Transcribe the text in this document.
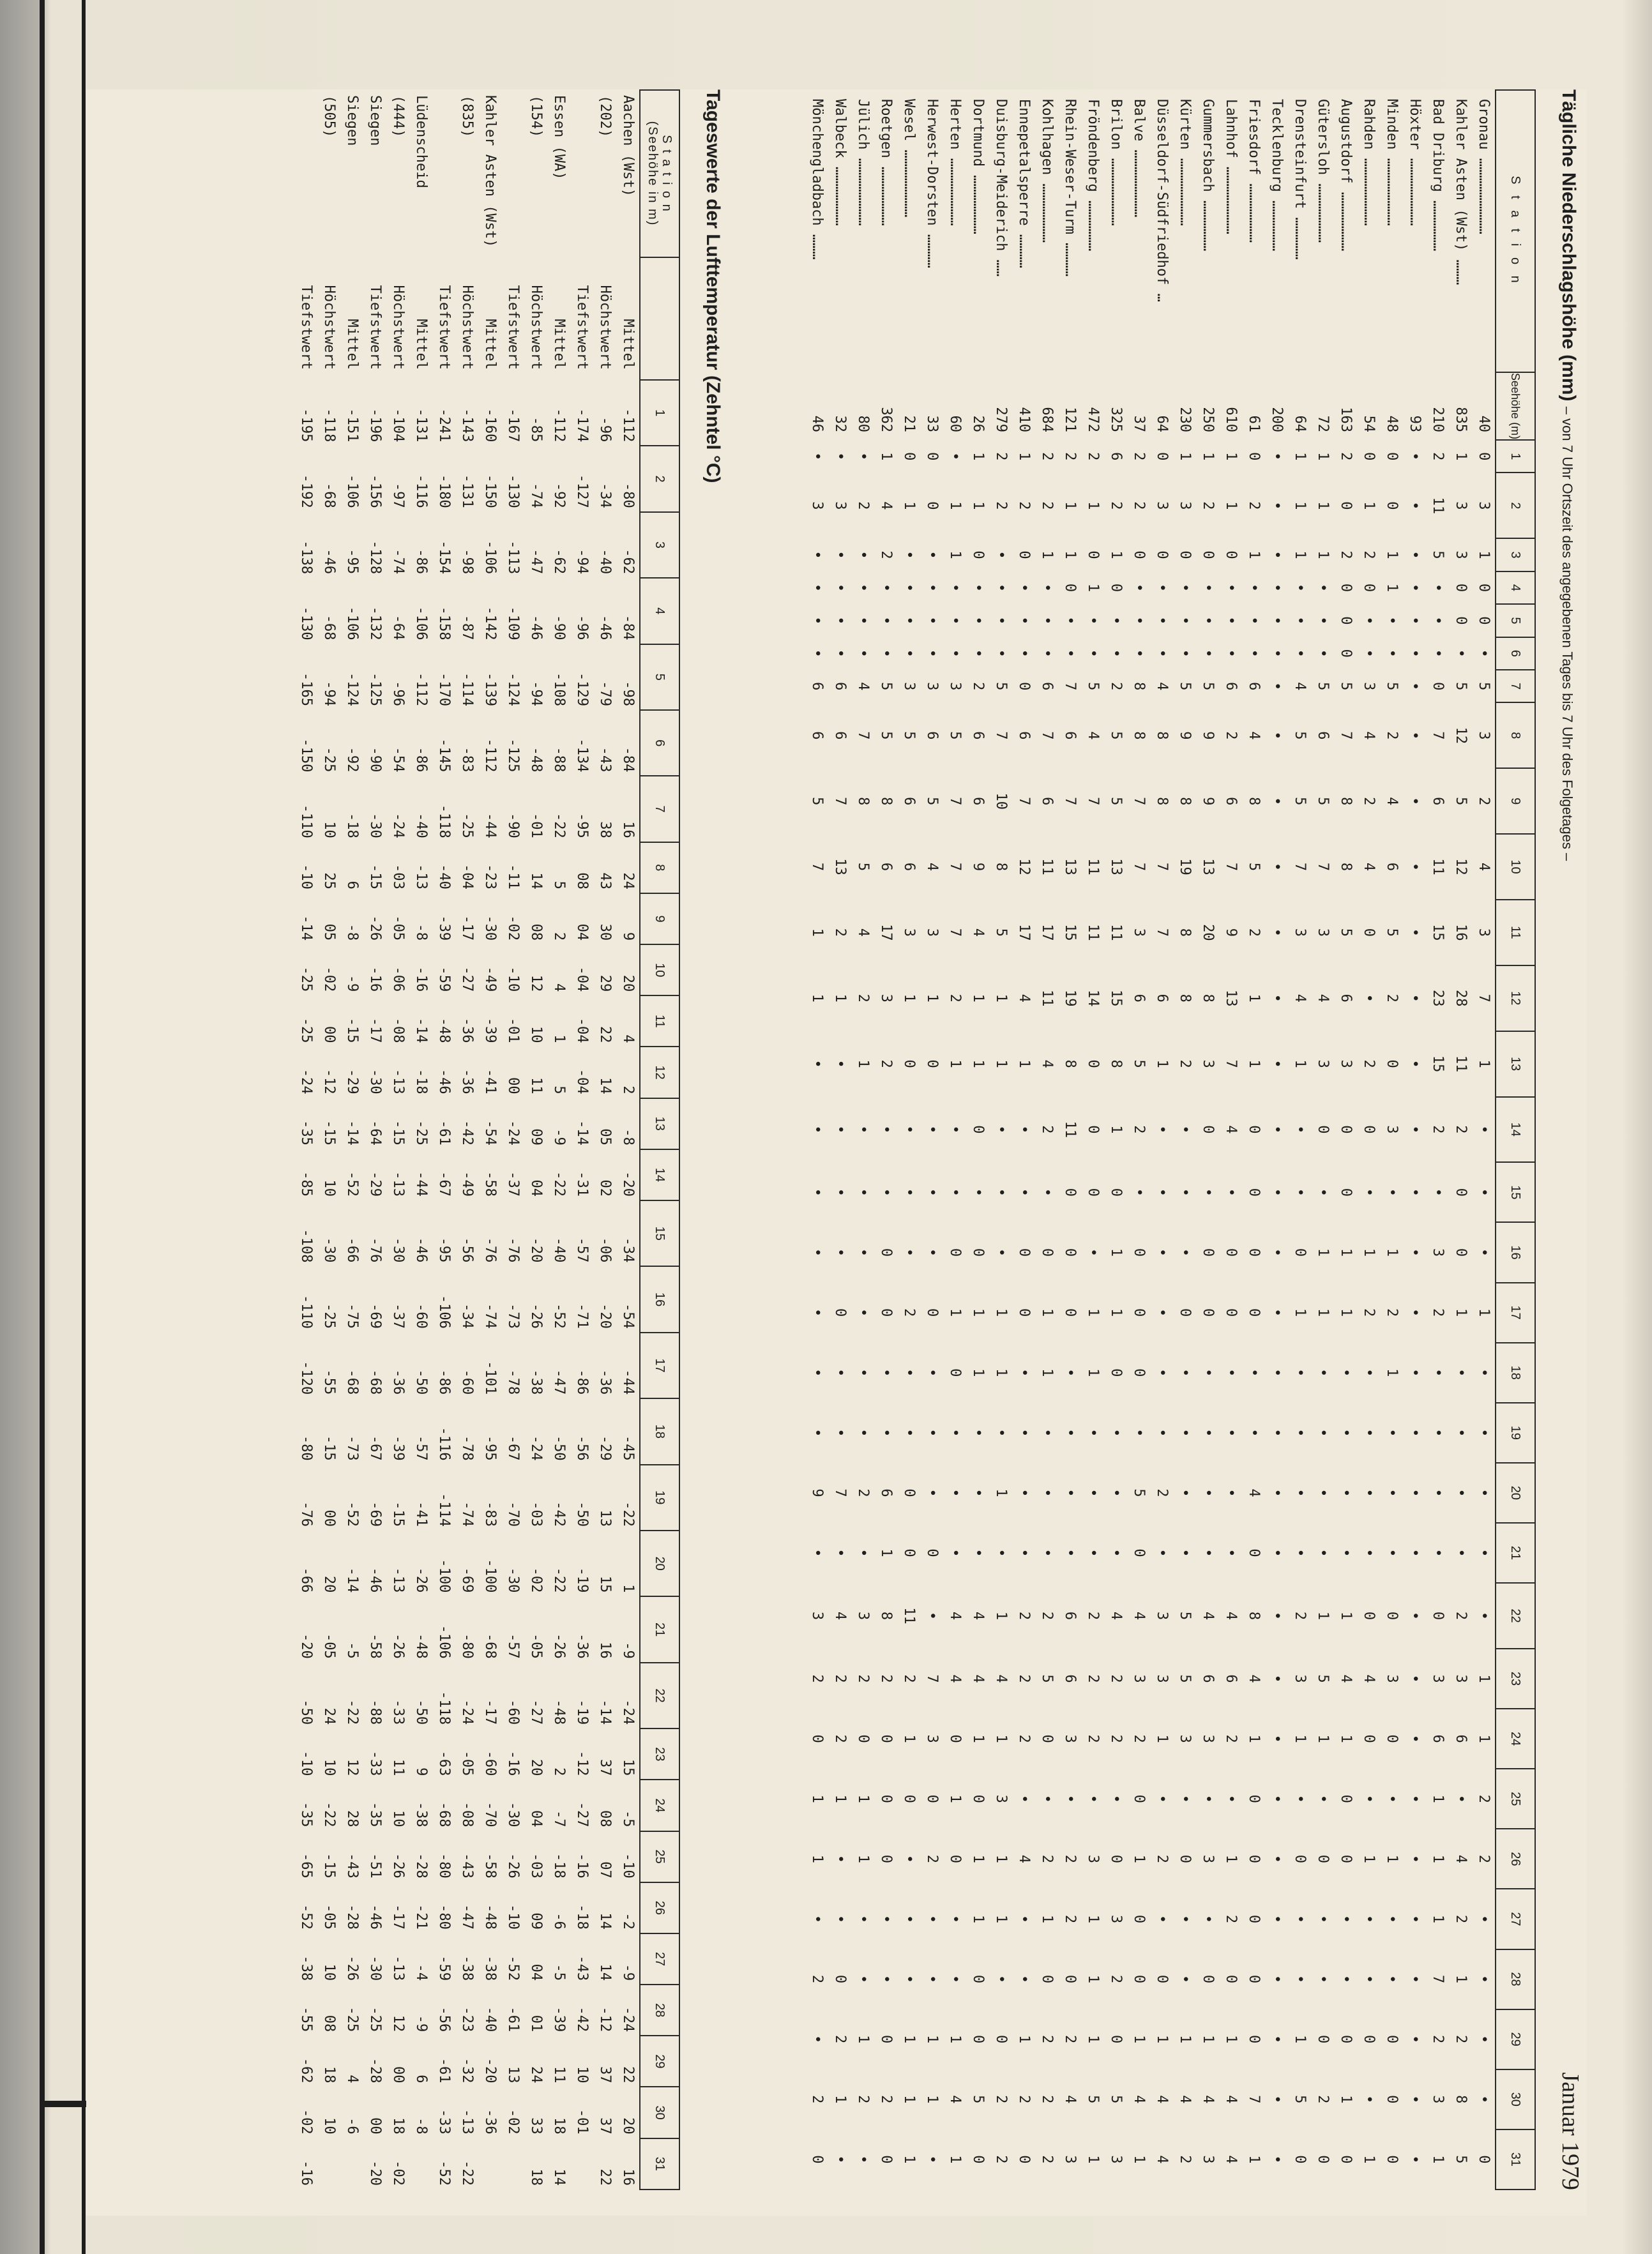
Tägliche Niederschlagshöhe (mm) – von 7 Uhr Ortszeit des angegebenen Tages bis 7 Uhr des Folgetages –
Januar 1979
S t a t i o n	Seehöhe (m)	1	2	3	4	5	6	7	8	9	10	11	12	13	14	15	16	17	18	19	20	21	22	23	24	25	26	27	28	29	30	31
Gronau ………………………	40	0	3	1	0	0	•	5	3	2	4	3	7	1	•	•	•	1	•	•	•	•	•	1	1	2	2	•	•	•	•	0
Kahler Asten (Wst) ………	835	1	3	3	0	0	•	5	12	5	12	16	28	11	2	0	0	1	•	•	•	•	2	3	6	•	4	2	1	2	8	5
Bad Driburg ………………	210	2	11	5	•	•	•	0	7	6	11	15	23	15	2	•	3	2	•	•	•	•	0	3	6	1	1	1	7	2	3	1
Höxter ……………………	93	•	•	•	•	•	•	•	•	•	•	•	•	•	•	•	•	•	•	•	•	•	•	•	•	•	•	•	•	•	•	•
Minden ……………………	48	0	0	1	1	•	•	5	2	4	6	5	2	0	3	•	1	2	1	•	•	•	0	3	0	•	1	•	•	0	0	0
Rahden ……………………	54	0	1	2	0	•	•	3	4	2	4	0	•	2	0	•	1	2	•	•	•	•	0	4	0	•	1	•	•	0	•	1
Augustdorf …………………	163	2	0	2	0	0	0	5	7	8	8	5	6	3	0	0	1	1	•	•	•	•	1	4	1	0	0	•	•	0	1	0
Gütersloh …………………	72	1	1	1	•	•	•	5	6	5	7	3	4	3	0	•	1	1	•	•	•	•	1	5	1	•	0	•	•	0	2	0
Drensteinfurt ……………	64	1	1	1	•	•	•	4	5	5	7	3	4	1	•	•	0	1	•	•	•	•	2	3	1	•	0	•	•	1	5	0
Tecklenburg ………………	200	•	•	•	•	•	•	•	•	•	•	•	•	•	•	•	•	•	•	•	•	•	•	•	•	•	•	•	•	•	•	•
Friesdorf …………………	61	0	2	1	•	•	•	6	4	8	5	2	1	1	0	0	0	0	•	•	4	0	8	4	1	0	0	0	0	0	7	1
Lahnhof ……………………	610	1	1	0	•	•	•	6	2	6	7	9	13	7	4	•	0	0	•	•	•	•	4	6	2	•	1	2	0	1	4	4
Gummersbach ………………	250	1	2	0	•	•	•	5	9	9	13	20	8	3	0	•	0	0	•	•	•	•	4	6	3	•	3	•	0	1	4	3
Kürten ……………………	230	1	3	0	•	•	•	5	9	8	19	8	8	2	•	•	•	0	•	•	•	•	5	5	3	•	0	•	•	1	4	2
Düsseldorf-Südfriedhof …	64	0	3	0	•	•	•	4	8	8	7	7	6	1	•	•	•	•	•	•	2	•	3	3	1	•	2	•	0	1	4	4
Balve ……………………	37	2	2	0	•	•	•	8	8	7	7	3	6	5	2	•	0	0	0	•	5	0	4	3	2	0	1	0	0	1	4	1
Brilon ……………………	325	6	2	1	0	•	•	2	5	5	13	11	15	8	1	0	1	1	0	•	•	•	4	2	2	•	0	3	2	0	5	3
Fröndenberg ………………	472	2	1	0	1	•	•	5	4	7	11	11	14	0	0	0	•	1	1	•	•	•	2	2	2	•	3	1	1	1	5	1
Rhein-Weser-Turm …………	121	2	1	1	0	•	•	7	6	7	13	15	19	8	11	0	0	0	•	•	•	•	6	6	3	•	2	2	0	2	4	3
Kohlhagen …………………	684	2	2	1	•	•	•	6	7	6	11	17	11	4	2	•	0	1	1	•	•	•	2	5	0	•	2	1	0	2	2	2
Ennepetalsperre …………	410	1	2	0	•	•	•	0	6	7	12	17	4	1	•	•	0	0	•	•	•	•	2	2	2	•	4	•	•	1	2	0
Duisburg-Meiderich ……	279	2	2	•	•	•	•	5	7	10	8	5	1	1	•	•	•	1	1	•	1	•	1	4	1	3	1	1	•	0	2	2
Dortmund …………………	26	1	1	0	•	•	•	2	6	6	9	4	1	1	0	•	0	1	1	•	•	•	4	4	1	0	1	1	0	0	5	0
Herten ……………………	60	•	1	1	•	•	•	3	5	7	7	7	2	1	•	•	0	1	0	•	•	•	4	4	0	1	0	•	•	1	4	1
Herwest-Dorsten …………	33	0	0	•	•	•	•	3	6	5	4	3	1	0	•	•	•	0	•	•	•	0	•	7	3	0	2	•	•	1	1	•
Wesel ……………………	21	0	1	•	•	•	•	3	5	6	6	3	1	0	•	•	•	2	•	•	0	0	11	2	1	0	•	•	•	1	1	1
Roetgen …………………	362	1	4	2	•	•	•	5	5	8	6	17	3	2	•	•	0	0	•	•	6	1	8	2	0	0	0	•	•	0	2	0
Jülich ……………………	80	•	2	•	•	•	•	4	7	8	5	4	2	1	•	•	•	•	•	•	2	•	3	2	0	1	1	•	•	1	2	•
Walbeck …………………	32	•	3	•	•	•	•	6	6	7	13	2	1	•	•	•	•	0	•	•	7	•	4	2	2	1	•	•	0	2	1	•
Mönchengladbach ………	46	•	3	•	•	•	•	6	6	5	7	1	1	•	•	•	•	•	•	•	9	•	3	2	0	1	1	•	2	•	2	0
Tageswerte der Lufttemperatur (Zehntel °C)
S t a t i o n
(Seehöhe in m)		1	2	3	4	5	6	7	8	9	10	11	12	13	14	15	16	17	18	19	20	21	22	23	24	25	26	27	28	29	30	31
Aachen (Wst)	Mittel	-112	-80	-62	-84	-98	-84	16	24	9	20	4	2	-8	-20	-34	-54	-44	-45	-22	1	-9	-24	15	-5	-10	-2	-9	-24	22	20	16
(202)	Höchstwert	-96	-34	-40	-46	-79	-43	38	43	30	29	22	14	05	02	-06	-20	-36	-29	13	15	16	-14	37	08	07	14	14	-12	37	37	22
	Tiefstwert	-174	-127	-94	-96	-129	-134	-95	08	04	-04	-04	-04	-14	-31	-57	-71	-86	-56	-50	-19	-36	-19	-12	-27	-16	-18	-43	-42	10	-01	
Essen (WA)	Mittel	-112	-92	-62	-90	-108	-88	-22	5	2	4	1	5	-9	-22	-40	-52	-47	-50	-42	-22	-26	-48	2	-7	-18	-6	-5	-39	11	18	14
(154)	Höchstwert	-85	-74	-47	-46	-94	-48	-01	14	08	12	10	11	09	04	-20	-26	-38	-24	-03	-02	-05	-27	20	04	-03	09	04	01	24	33	18
	Tiefstwert	-167	-130	-113	-109	-124	-125	-90	-11	-02	-10	-01	00	-24	-37	-76	-73	-78	-67	-70	-30	-57	-60	-16	-30	-26	-10	-52	-61	13	-02	
Kahler Asten (Wst)	Mittel	-160	-150	-106	-142	-139	-112	-44	-23	-30	-49	-39	-41	-54	-58	-76	-74	-101	-95	-83	-100	-68	-17	-60	-70	-58	-48	-38	-40	-20	-36	
(835)	Höchstwert	-143	-131	-98	-87	-114	-83	-25	-04	-17	-27	-36	-36	-42	-49	-56	-34	-60	-78	-74	-69	-80	-24	-05	-08	-43	-47	-38	-23	-32	-13	-22
	Tiefstwert	-241	-180	-154	-158	-170	-145	-118	-40	-39	-59	-48	-46	-61	-67	-95	-106	-86	-116	-114	-100	-106	-118	-63	-68	-80	-80	-59	-56	-61	-33	-52
Lüdenscheid	Mittel	-131	-116	-86	-106	-112	-86	-40	-13	-8	-16	-14	-18	-25	-44	-46	-60	-50	-57	-41	-26	-48	-50	9	-38	-28	-21	-4	-9	6	-8	
(444)	Höchstwert	-104	-97	-74	-64	-96	-54	-24	-03	-05	-06	-08	-13	-15	-13	-30	-37	-36	-39	-15	-13	-26	-33	11	10	-26	-17	-13	12	00	18	-02
Siegen	Tiefstwert	-196	-156	-128	-132	-125	-90	-30	-15	-26	-16	-17	-30	-64	-29	-76	-69	-68	-67	-69	-46	-58	-88	-33	-35	-51	-46	-30	-25	-28	00	-20
Siegen	Mittel	-151	-106	-95	-106	-124	-92	-18	6	-8	-9	-15	-29	-14	-52	-66	-75	-68	-73	-52	-14	-5	-22	12	28	-43	-28	-26	-25	4	-6	
(505)	Höchstwert	-118	-68	-46	-68	-94	-25	10	25	05	-02	00	-12	-15	10	-30	-25	-55	-15	00	20	-05	24	10	-22	-15	-05	10	08	18	10	
	Tiefstwert	-195	-192	-138	-130	-165	-150	-110	-10	-14	-25	-25	-24	-35	-85	-108	-110	-120	-80	-76	-66	-20	-50	-10	-35	-65	-52	-38	-55	-62	-02	-16
